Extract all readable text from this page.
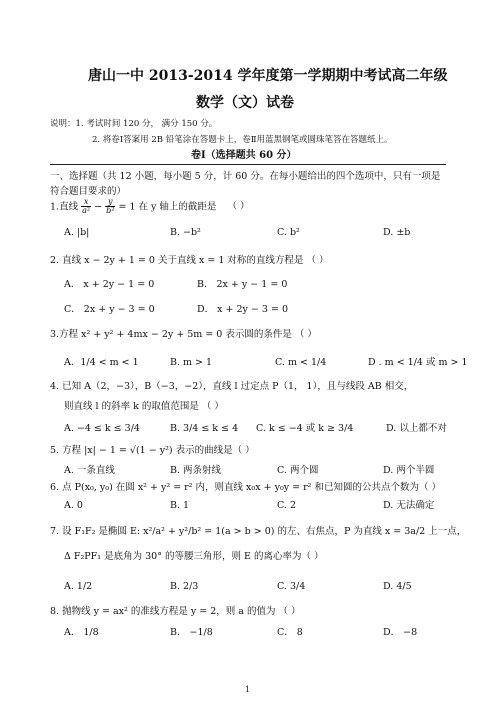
唐山一中 2013-2014 学年度第一学期期中考试高二年级
数学（文）试卷
说明：1. 考试时间 120 分， 满分 150 分。
2. 将卷Ⅰ答案用 2B 铅笔涂在答题卡上，卷Ⅱ用蓝黑钢笔或圆珠笔答在答题纸上。
卷Ⅰ（选择题共 60 分）
一、选择题（共 12 小题，每小题 5 分，计 60 分。在每小题给出的四个选项中，只有一项是
符合题目要求的）
1.直线 $\frac{x}{\text{a²}} - \frac{y}{\text{b²}} = 1$ 在 y 轴上的截距是 （ ）
A. |b|	B. −b²	C. b²	D. ±b
2. 直线 x − 2y + 1 = 0 关于直线 x = 1 对称的直线方程是 （ ）
A． x + 2y − 1 = 0	B． 2x + y − 1 = 0
C． 2x + y − 3 = 0	D． x + 2y − 3 = 0
3.方程 x² + y² + 4mx − 2y + 5m = 0 表示圆的条件是 （ ）
A．1/4 < m < 1	B. m > 1	C. m < 1/4	D . m < 1/4 或 m > 1
4. 已知 A（2，−3），B（−3，−2），直线 l 过定点 P（1， 1），且与线段 AB 相交，
则直线 l 的斜率 k 的取值范围是 （ ）
A. −4 ≤ k ≤ 3/4	B. 3/4 ≤ k ≤ 4 C. k ≤ −4 或 k ≥ 3/4	D. 以上都不对
5. 方程 |x| − 1 = √(1 − y²) 表示的曲线是（ ）
A. 一条直线	B. 两条射线	C. 两个圆	D. 两个半圆
6. 点 P(x₀, y₀) 在圆 x² + y² = r² 内，则直线 x₀x + y₀y = r² 和已知圆的公共点个数为（ ）
A. 0	B. 1	C. 2	D. 无法确定
7. 设 F₁F₂ 是椭圆 E: x²/a² + y²/b² = 1(a > b > 0) 的左、右焦点，P 为直线 x = 3a/2 上一点，
Δ F₂PF₁ 是底角为 30° 的等腰三角形，则 E 的离心率为（ ）
A. 1/2	B. 2/3	C. 3/4	D. 4/5
8. 抛物线 y = ax² 的准线方程是 y = 2，则 a 的值为 （ ）
A． 1/8	B． −1/8	C． 8	D． −8
1
